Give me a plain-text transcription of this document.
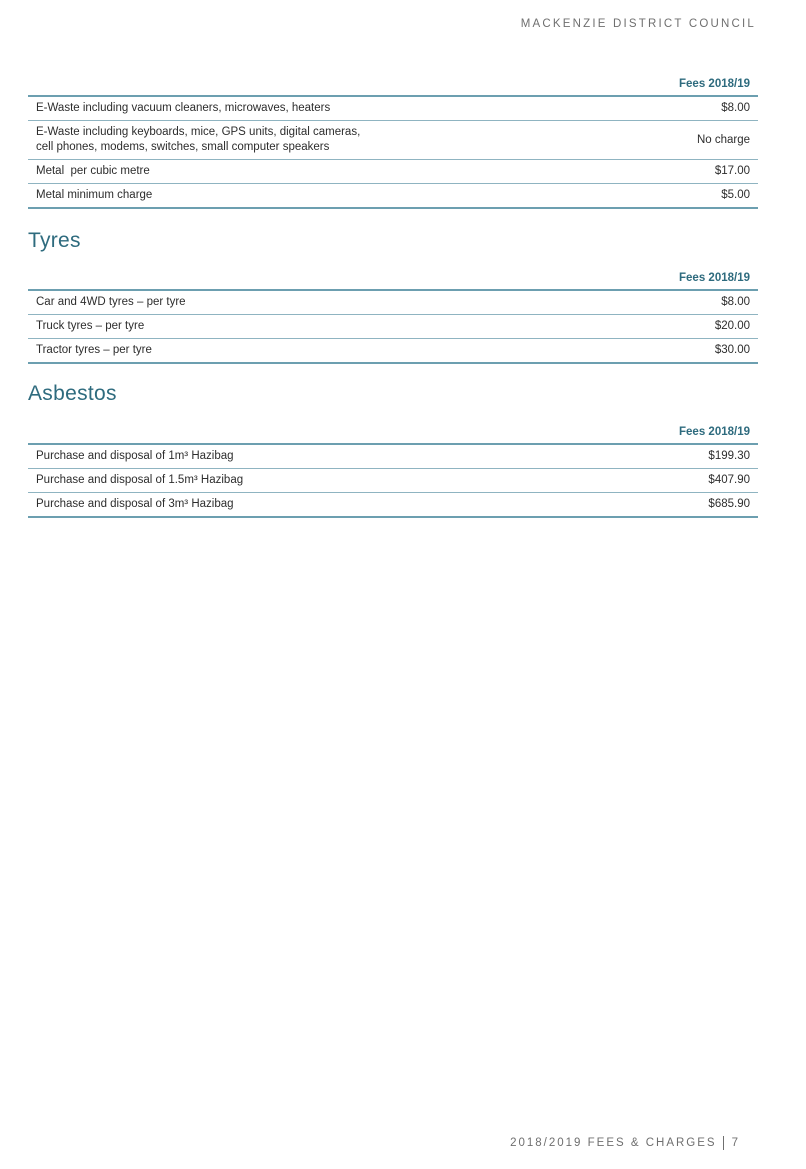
MACKENZIE DISTRICT COUNCIL
	Fees 2018/19
E-Waste including vacuum cleaners, microwaves, heaters	$8.00
E-Waste including keyboards, mice, GPS units, digital cameras, cell phones, modems, switches, small computer speakers	No charge
Metal  per cubic metre	$17.00
Metal minimum charge	$5.00
Tyres
	Fees 2018/19
Car and 4WD tyres – per tyre	$8.00
Truck tyres – per tyre	$20.00
Tractor tyres – per tyre	$30.00
Asbestos
	Fees 2018/19
Purchase and disposal of 1m³ Hazibag	$199.30
Purchase and disposal of 1.5m³ Hazibag	$407.90
Purchase and disposal of 3m³ Hazibag	$685.90
2018/2019 FEES & CHARGES 7
